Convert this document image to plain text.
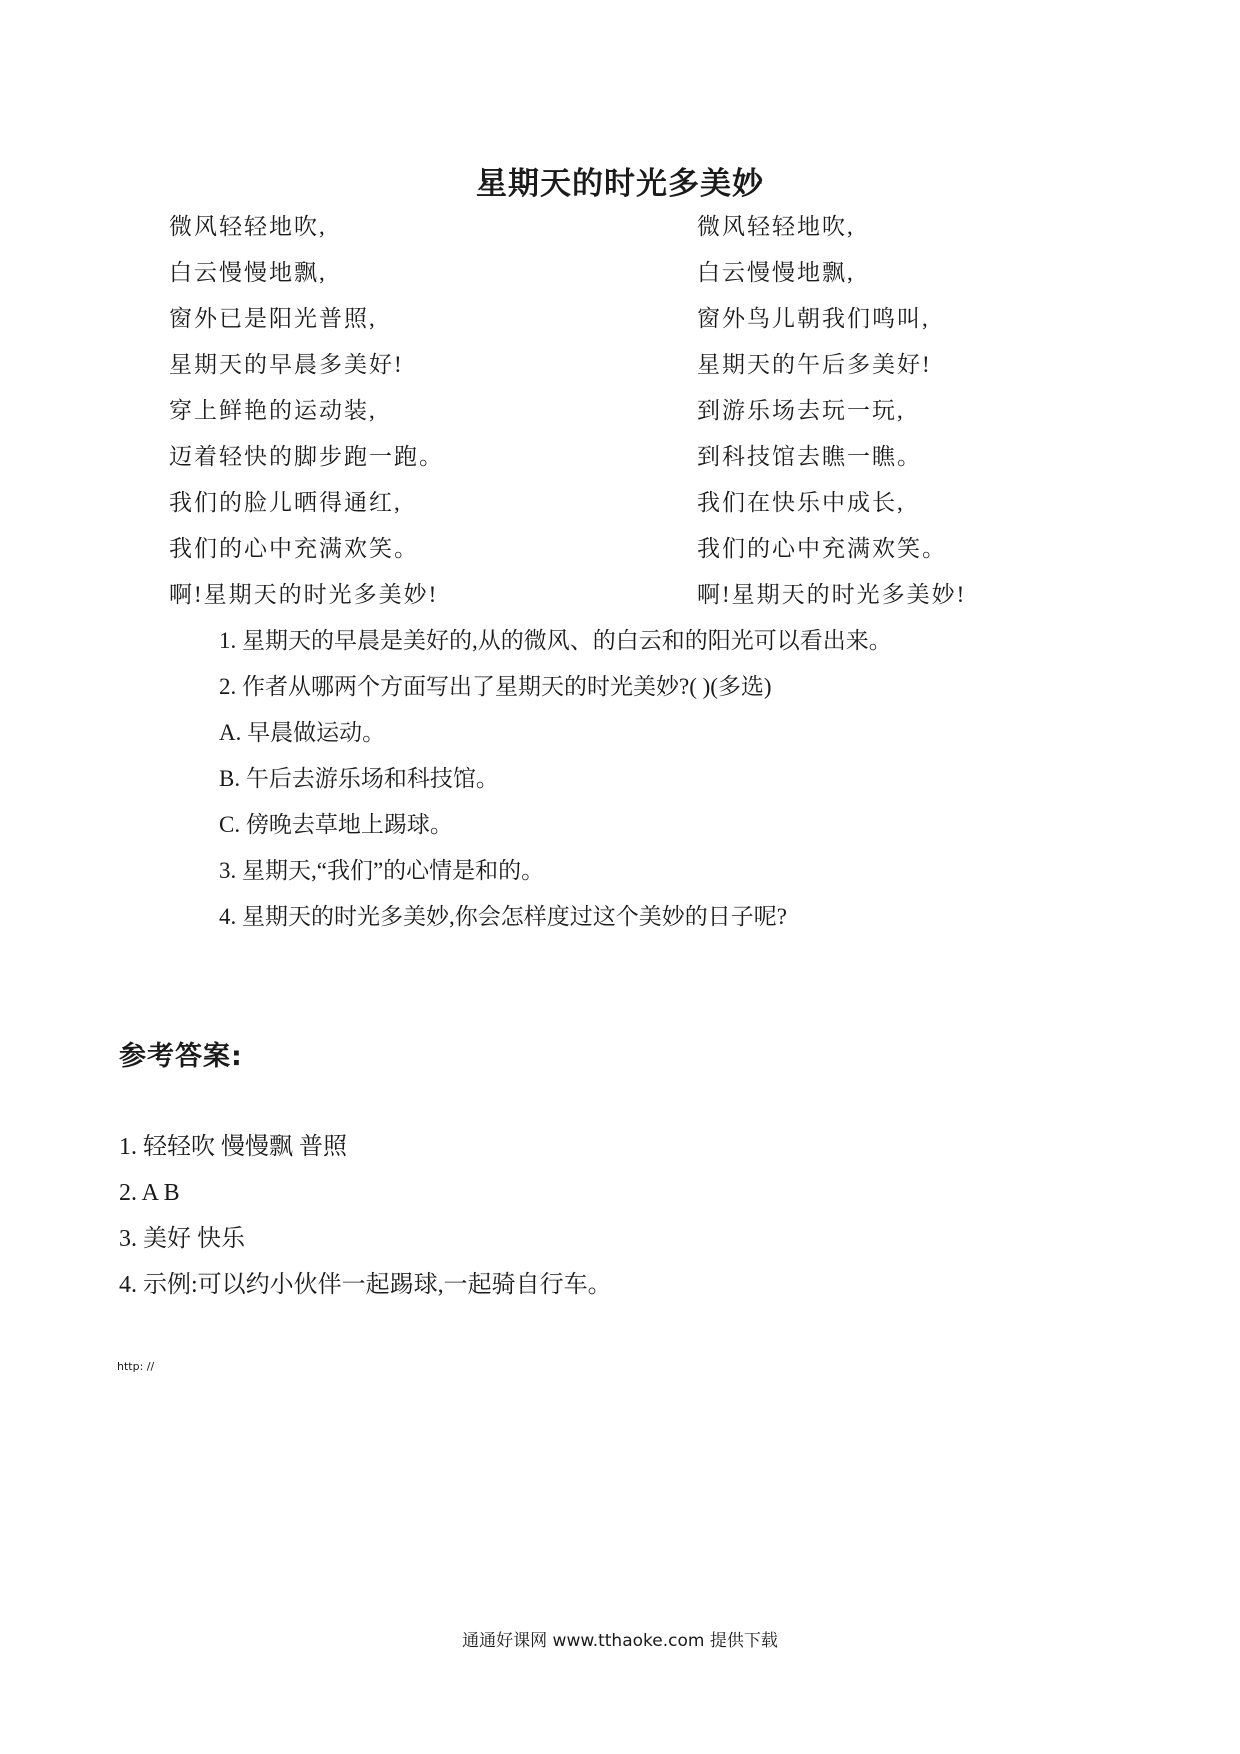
星期天的时光多美妙
微风轻轻地吹,
白云慢慢地飘,
窗外已是阳光普照,
星期天的早晨多美好!
穿上鲜艳的运动装,
迈着轻快的脚步跑一跑。
我们的脸儿晒得通红,
我们的心中充满欢笑。
啊!星期天的时光多美妙!
微风轻轻地吹,
白云慢慢地飘,
窗外鸟儿朝我们鸣叫,
星期天的午后多美好!
到游乐场去玩一玩,
到科技馆去瞧一瞧。
我们在快乐中成长,
我们的心中充满欢笑。
啊!星期天的时光多美妙!
1. 星期天的早晨是美好的,从的微风、的白云和的阳光可以看出来。
2. 作者从哪两个方面写出了星期天的时光美妙?( )(多选)
A. 早晨做运动。
B. 午后去游乐场和科技馆。
C. 傍晚去草地上踢球。
3. 星期天,“我们”的心情是和的。
4. 星期天的时光多美妙,你会怎样度过这个美妙的日子呢?
参考答案:
1. 轻轻吹 慢慢飘 普照
2. A B
3. 美好 快乐
4. 示例:可以约小伙伴一起踢球,一起骑自行车。
http: //
通通好课网 www.tthaoke.com 提供下载
